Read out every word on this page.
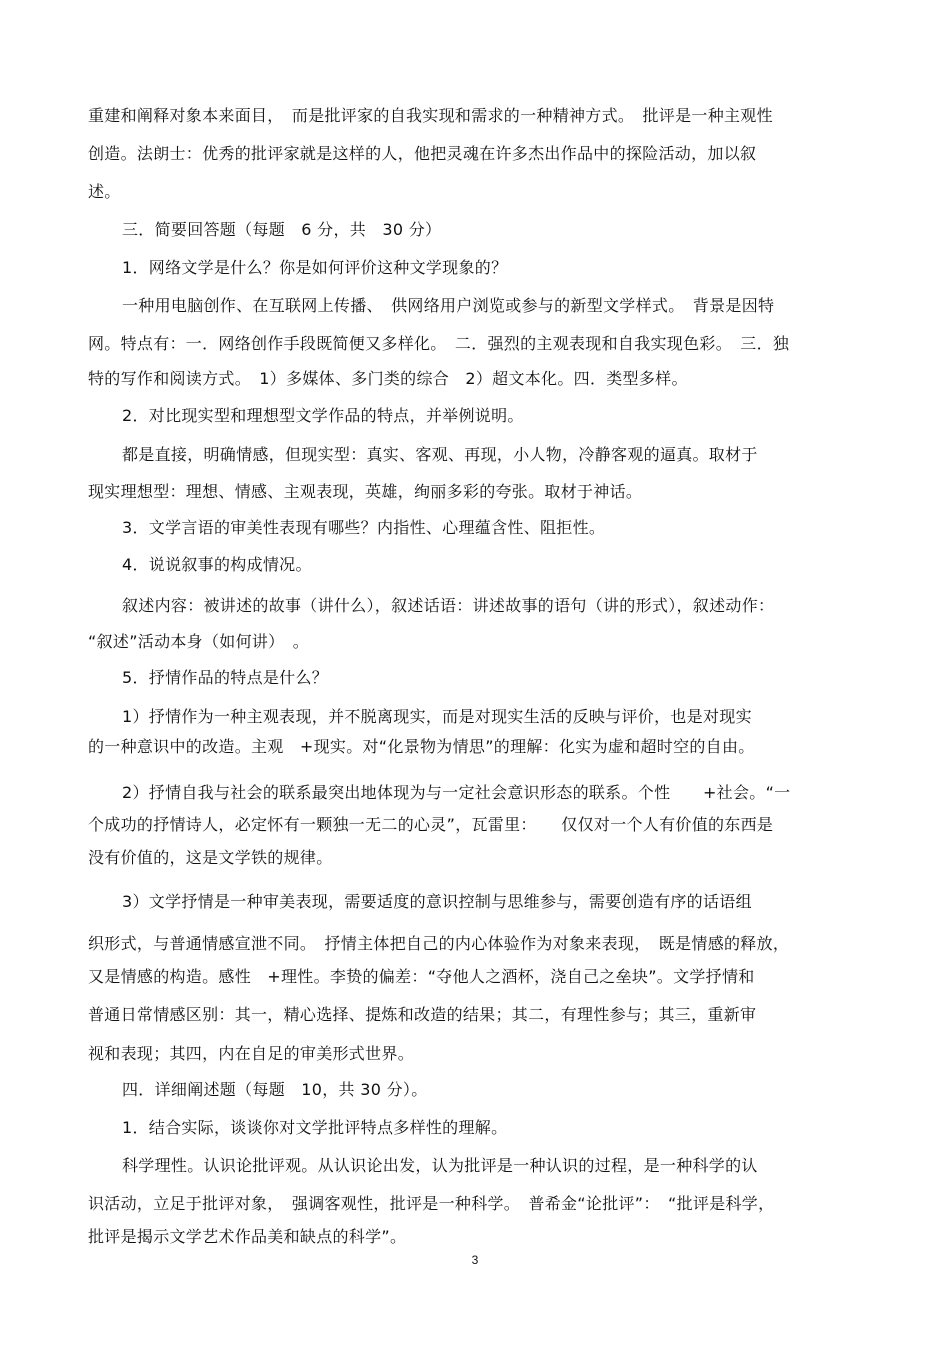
重建和阐释对象本来面目，　而是批评家的自我实现和需求的一种精神方式。　批评是一种主观性
创造。法朗士：优秀的批评家就是这样的人，他把灵魂在许多杰出作品中的探险活动，加以叙
述。
三．简要回答题（每题　6 分，共　30 分）
1．网络文学是什么？你是如何评价这种文学现象的？
一种用电脑创作、在互联网上传播、　供网络用户浏览或参与的新型文学样式。　背景是因特
网。特点有：一．网络创作手段既简便又多样化。　二．强烈的主观表现和自我实现色彩。　三．独
特的写作和阅读方式。　1）多媒体、多门类的综合　2）超文本化。四．类型多样。
2．对比现实型和理想型文学作品的特点，并举例说明。
都是直接，明确情感，但现实型：真实、客观、再现，小人物，冷静客观的逼真。取材于
现实理想型：理想、情感、主观表现，英雄，绚丽多彩的夸张。取材于神话。
3．文学言语的审美性表现有哪些？内指性、心理蕴含性、阻拒性。
4．说说叙事的构成情况。
叙述内容：被讲述的故事（讲什么），叙述话语：讲述故事的语句（讲的形式），叙述动作：
“叙述”活动本身（如何讲）　。
5．抒情作品的特点是什么？
1）抒情作为一种主观表现，并不脱离现实，而是对现实生活的反映与评价，也是对现实
的一种意识中的改造。主观　+现实。对“化景物为情思”的理解：化实为虚和超时空的自由。
2）抒情自我与社会的联系最突出地体现为与一定社会意识形态的联系。个性　　+社会。“一
个成功的抒情诗人，必定怀有一颗独一无二的心灵”，瓦雷里：　　仅仅对一个人有价值的东西是
没有价值的，这是文学铁的规律。
3）文学抒情是一种审美表现，需要适度的意识控制与思维参与，需要创造有序的话语组
织形式，与普通情感宣泄不同。　抒情主体把自己的内心体验作为对象来表现，　既是情感的释放，
又是情感的构造。感性　+理性。李贽的偏差：“夺他人之酒杯，浇自己之垒块”。文学抒情和
普通日常情感区别：其一，精心选择、提炼和改造的结果；其二，有理性参与；其三，重新审
视和表现；其四，内在自足的审美形式世界。
四．详细阐述题（每题　10，共 30 分）。
1．结合实际，谈谈你对文学批评特点多样性的理解。
科学理性。认识论批评观。从认识论出发，认为批评是一种认识的过程，是一种科学的认
识活动，立足于批评对象，　强调客观性，批评是一种科学。　普希金“论批评”：　“批评是科学，
批评是揭示文学艺术作品美和缺点的科学”。
3
